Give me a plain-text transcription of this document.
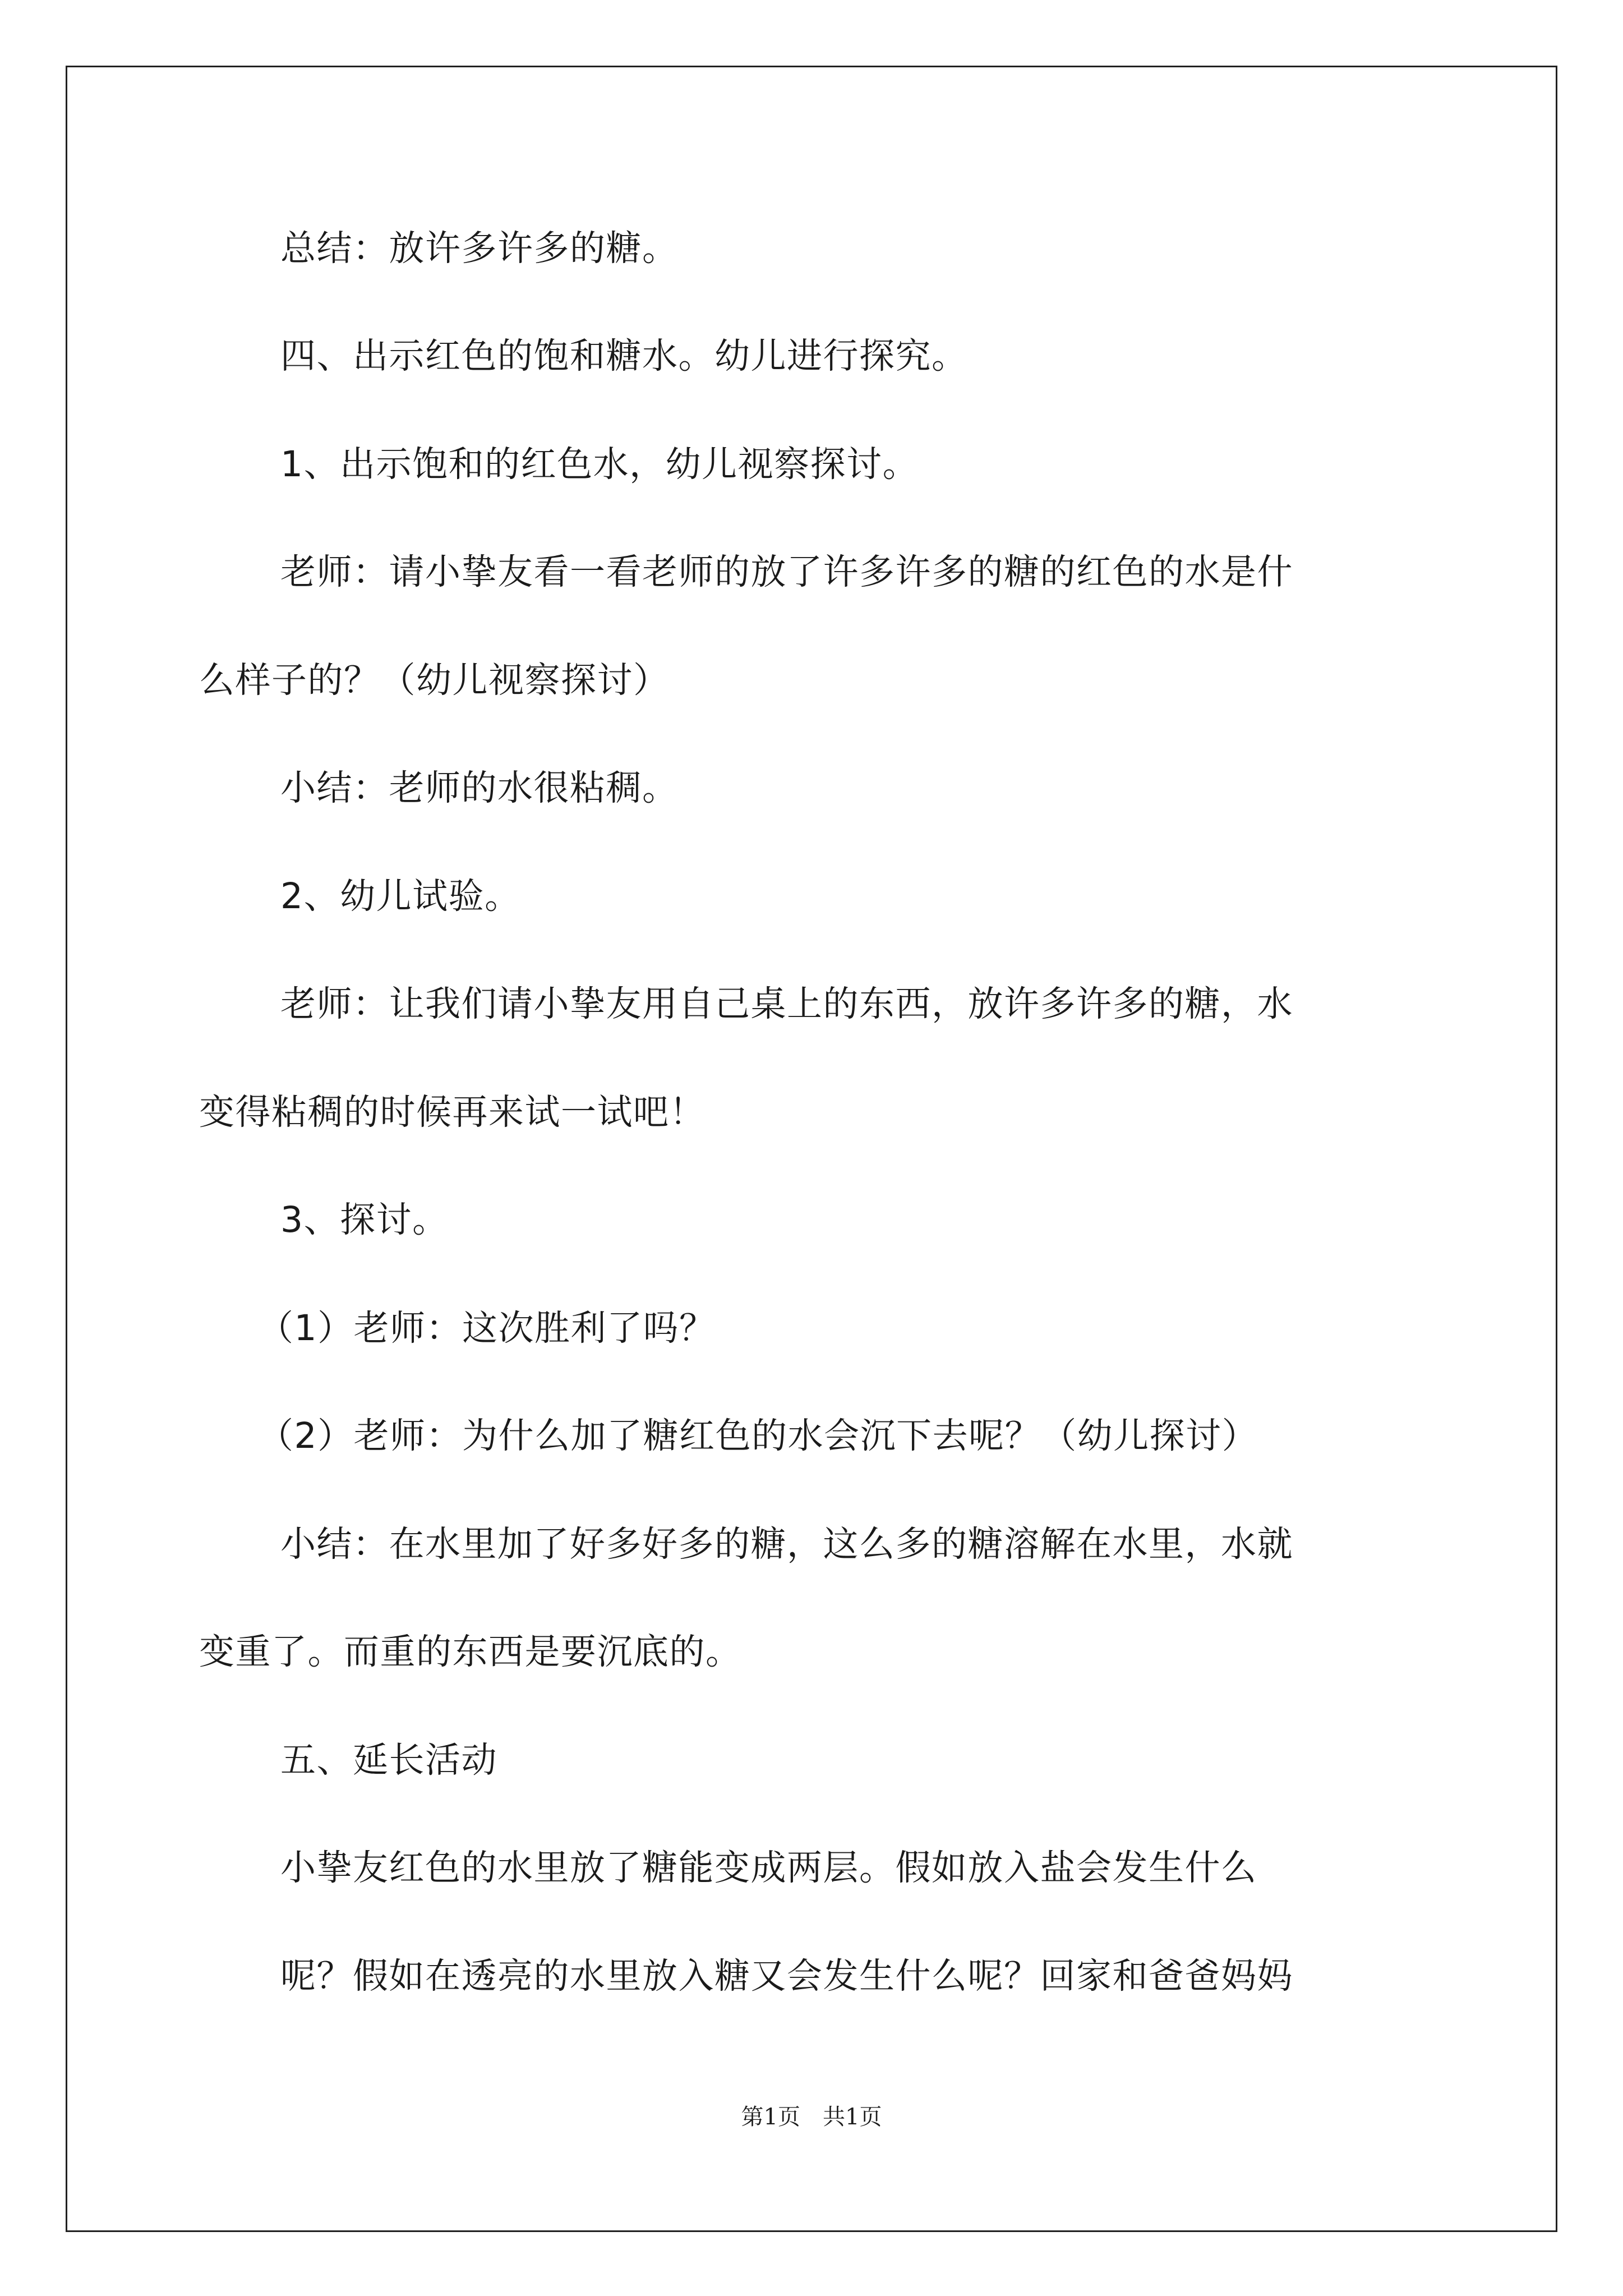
总结：放许多许多的糖。

四、出示红色的饱和糖水。幼儿进行探究。

1、出示饱和的红色水，幼儿视察探讨。

老师：请小挚友看一看老师的放了许多许多的糖的红色的水是什

么样子的？（幼儿视察探讨）

小结：老师的水很粘稠。

2、幼儿试验。

老师：让我们请小挚友用自己桌上的东西，放许多许多的糖，水

变得粘稠的时候再来试一试吧！

3、探讨。

（1）老师：这次胜利了吗？

（2）老师：为什么加了糖红色的水会沉下去呢？（幼儿探讨）

小结：在水里加了好多好多的糖，这么多的糖溶解在水里，水就

变重了。而重的东西是要沉底的。

五、延长活动

小挚友红色的水里放了糖能变成两层。假如放入盐会发生什么

呢？假如在透亮的水里放入糖又会发生什么呢？回家和爸爸妈妈

第1页　共1页
